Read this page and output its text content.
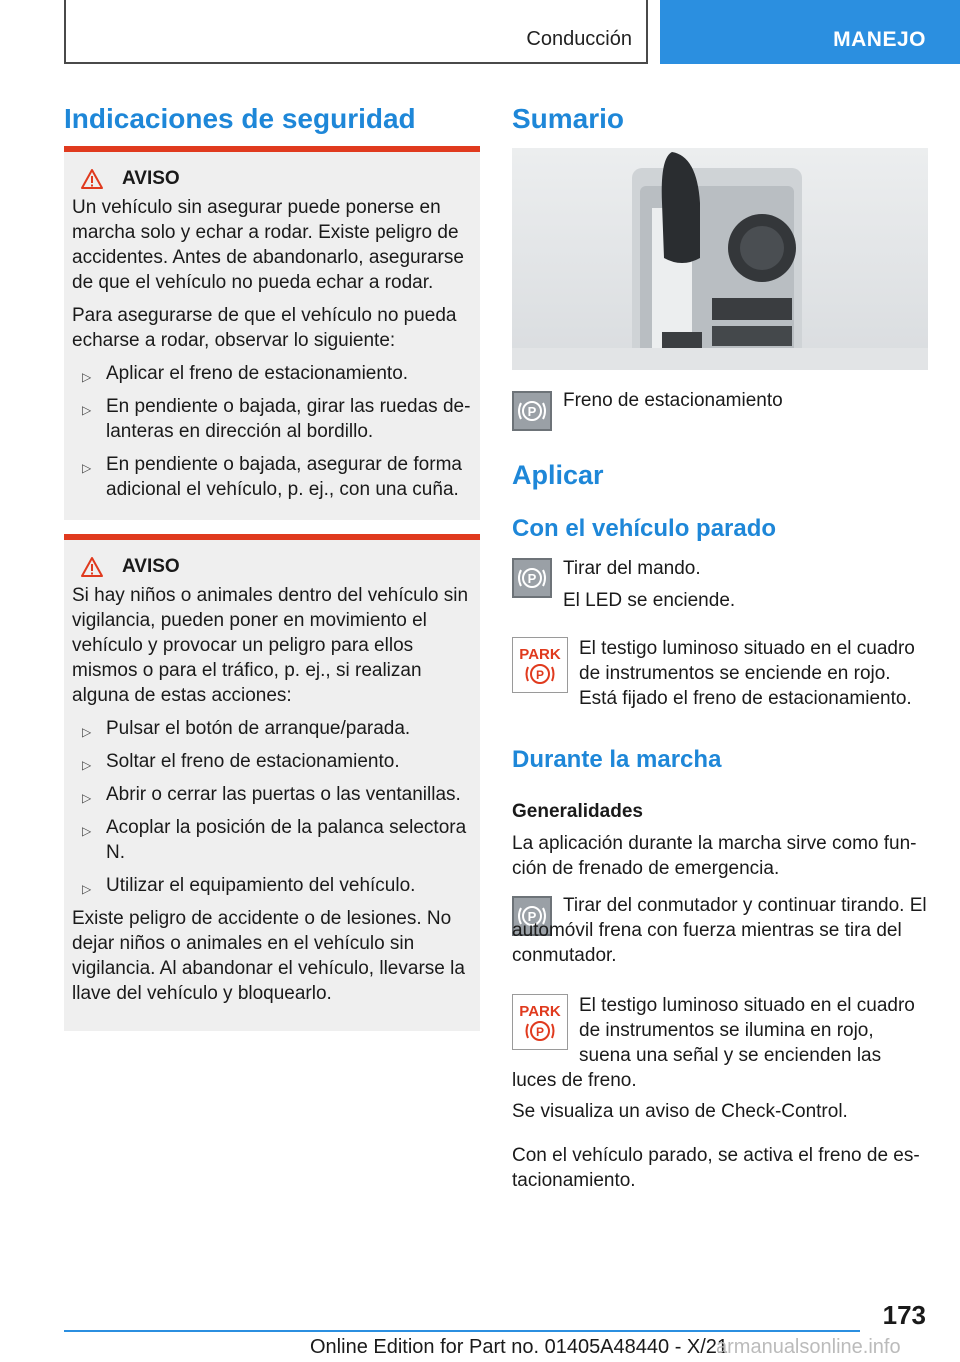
Conducción	MANEJO
Indicaciones de seguridad
AVISO

Un vehículo sin asegurar puede ponerse en marcha solo y echar a rodar. Existe peligro de accidentes. Antes de abandonarlo, asegurarse de que el vehículo no pueda echar a rodar.

Para asegurarse de que el vehículo no pueda echarse a rodar, observar lo siguiente:

▷ Aplicar el freno de estacionamiento.
▷ En pendiente o bajada, girar las ruedas delanteras en dirección al bordillo.
▷ En pendiente o bajada, asegurar de forma adicional el vehículo, p. ej., con una cuña.
AVISO

Si hay niños o animales dentro del vehículo sin vigilancia, pueden poner en movimiento el vehículo y provocar un peligro para ellos mismos o para el tráfico, p. ej., si realizan alguna de estas acciones:

▷ Pulsar el botón de arranque/parada.
▷ Soltar el freno de estacionamiento.
▷ Abrir o cerrar las puertas o las ventanillas.
▷ Acoplar la posición de la palanca selectora N.
▷ Utilizar el equipamiento del vehículo.

Existe peligro de accidente o de lesiones. No dejar niños o animales en el vehículo sin vigilancia. Al abandonar el vehículo, llevarse la llave del vehículo y bloquearlo.

Sumario
P
Freno de estacionamiento
Aplicar
Con el vehículo parado
P Tirar del mando.
El LED se enciende.
PARK
P
El testigo luminoso situado en el cuadro de instrumentos se enciende en rojo. Está fijado el freno de estacionamiento.
Durante la marcha
Generalidades
La aplicación durante la marcha sirve como función de frenado de emergencia.
P
Tirar del conmutador y continuar tirando. El automóvil frena con fuerza mientras se tira del conmutador.
PARK
P
El testigo luminoso situado en el cuadro de instrumentos se ilumina en rojo, suena una señal y se encienden las luces de freno.
Se visualiza un aviso de Check-Control.
Con el vehículo parado, se activa el freno de estacionamiento.
173
Online Edition for Part no. 01405A48440 - X/21
armanualsonline.info
